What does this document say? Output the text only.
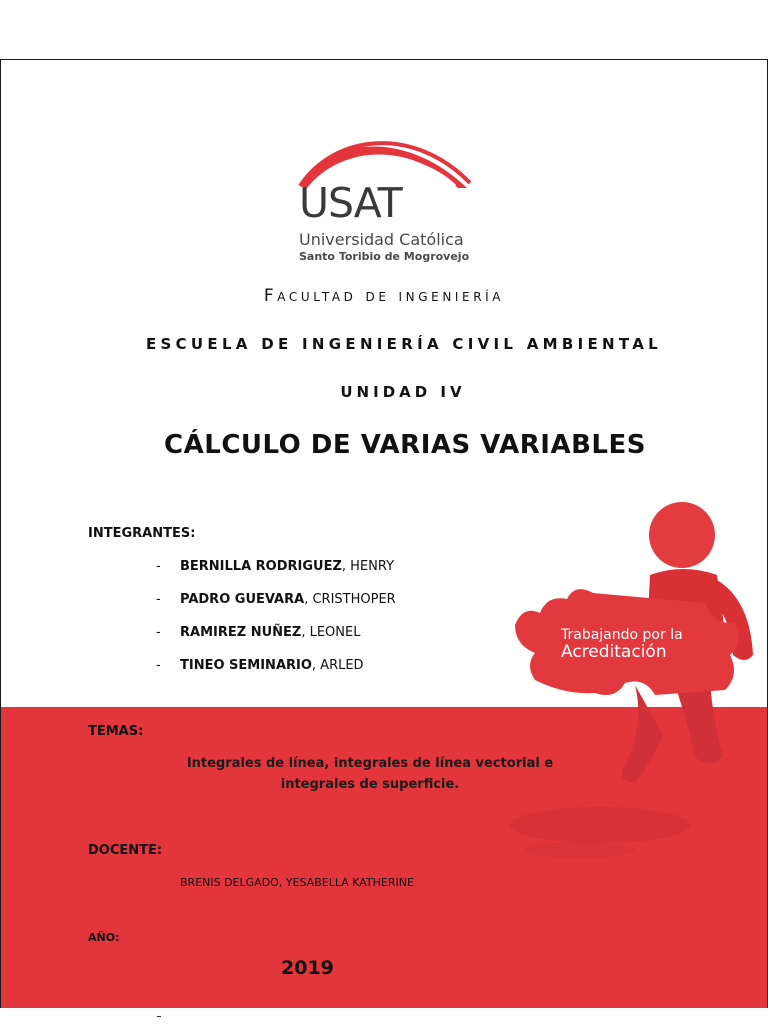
USAT
Universidad Católica
Santo Toribio de Mogrovejo
Facultad de ingeniería
ESCUELA DE INGENIERÍA CIVIL AMBIENTAL
UNIDAD IV
CÁLCULO DE VARIAS VARIABLES
INTEGRANTES:
- BERNILLA RODRIGUEZ, HENRY
- PADRO GUEVARA, CRISTHOPER
- RAMIREZ NUÑEZ, LEONEL
- TINEO SEMINARIO, ARLED
TEMAS:
Integrales de línea, integrales de línea vectorial e integrales de superficie.
DOCENTE:
BRENIS DELGADO, YESABELLA KATHERINE
AÑO:
2019
Trabajando por la
Acreditación
